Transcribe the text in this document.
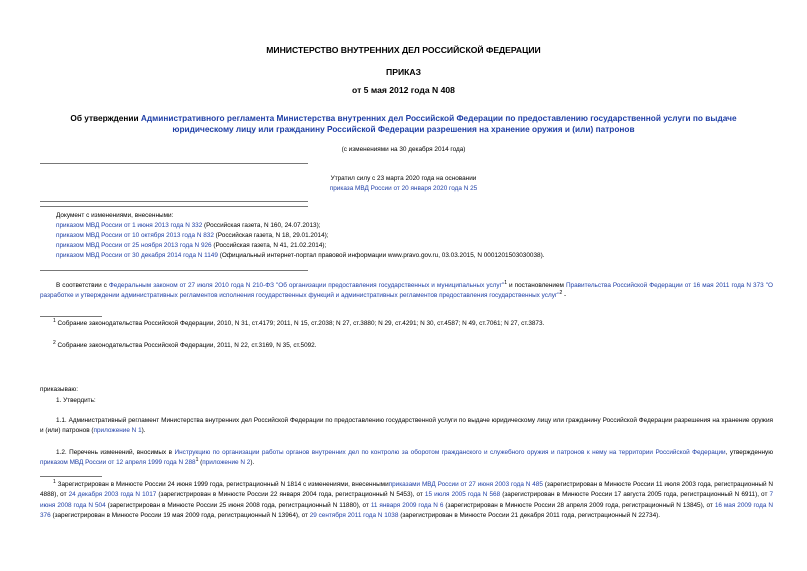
МИНИСТЕРСТВО ВНУТРЕННИХ ДЕЛ РОССИЙСКОЙ ФЕДЕРАЦИИ
ПРИКАЗ
от 5 мая 2012 года N 408
Об утверждении Административного регламента Министерства внутренних дел Российской Федерации по предоставлению государственной услуги по выдаче
юридическому лицу или гражданину Российской Федерации разрешения на хранение оружия и (или) патронов
(с изменениями на 30 декабря 2014 года)
Утратил силу с 23 марта 2020 года на основании
приказа МВД России от 20 января 2020 года N 25
Документ с изменениями, внесенными:
приказом МВД России от 1 июня 2013 года N 332 (Российская газета, N 160, 24.07.2013);
приказом МВД России от 10 октября 2013 года N 832 (Российская газета, N 18, 29.01.2014);
приказом МВД России от 25 ноября 2013 года N 926 (Российская газета, N 41, 21.02.2014);
приказом МВД России от 30 декабря 2014 года N 1149 (Официальный интернет-портал правовой информации www.pravo.gov.ru, 03.03.2015, N 0001201503030038).
В соответствии с Федеральным законом от 27 июля 2010 года N 210-ФЗ "Об организации предоставления государственных и муниципальных услуг"$^1$ и постановлением Правительства Российской Федерации от 16 мая 2011 года N 373 "О разработке и утверждении административных регламентов исполнения государственных функций и административных регламентов предоставления государственных услуг"$^2$ -
$^1$ Собрание законодательства Российской Федерации, 2010, N 31, ст.4179; 2011, N 15, ст.2038; N 27, ст.3880; N 29, ст.4291; N 30, ст.4587; N 49, ст.7061; N 27, ст.3873.
$^2$ Собрание законодательства Российской Федерации, 2011, N 22, ст.3169, N 35, ст.5092.
приказываю:
1. Утвердить:
1.1. Административный регламент Министерства внутренних дел Российской Федерации по предоставлению государственной услуги по выдаче юридическому лицу или гражданину Российской Федерации разрешения на хранение оружия и (или) патронов (приложение N 1).
1.2. Перечень изменений, вносимых в Инструкцию по организации работы органов внутренних дел по контролю за оборотом гражданского и служебного оружия и патронов к нему на территории Российской Федерации, утвержденную приказом МВД России от 12 апреля 1999 года N $288^1$ (приложение N 2).
$^1$ Зарегистрирован в Минюсте России 24 июня 1999 года, регистрационный N 1814 с изменениями, внесеннымиприказами МВД России от 27 июня 2003 года N 485 (зарегистрирован в Минюсте России 11 июля 2003 года, регистрационный N 4888), от 24 декабря 2003 года N 1017 (зарегистрирован в Минюсте России 22 января 2004 года, регистрационный N 5453), от 15 июля 2005 года N 568 (зарегистрирован в Минюсте России 17 августа 2005 года, регистрационный N 6911), от 7 июня 2008 года N 504 (зарегистрирован в Минюсте России 25 июня 2008 года, регистрационный N 11880), от 11 января 2009 года N 6 (зарегистрирован в Минюсте России 28 апреля 2009 года, регистрационный N 13845), от 16 мая 2009 года N 376 (зарегистрирован в Минюсте России 19 мая 2009 года, регистрационный N 13964), от 29 сентября 2011 года N 1038 (зарегистрирован в Минюсте России 21 декабря 2011 года, регистрационный N 22734).
